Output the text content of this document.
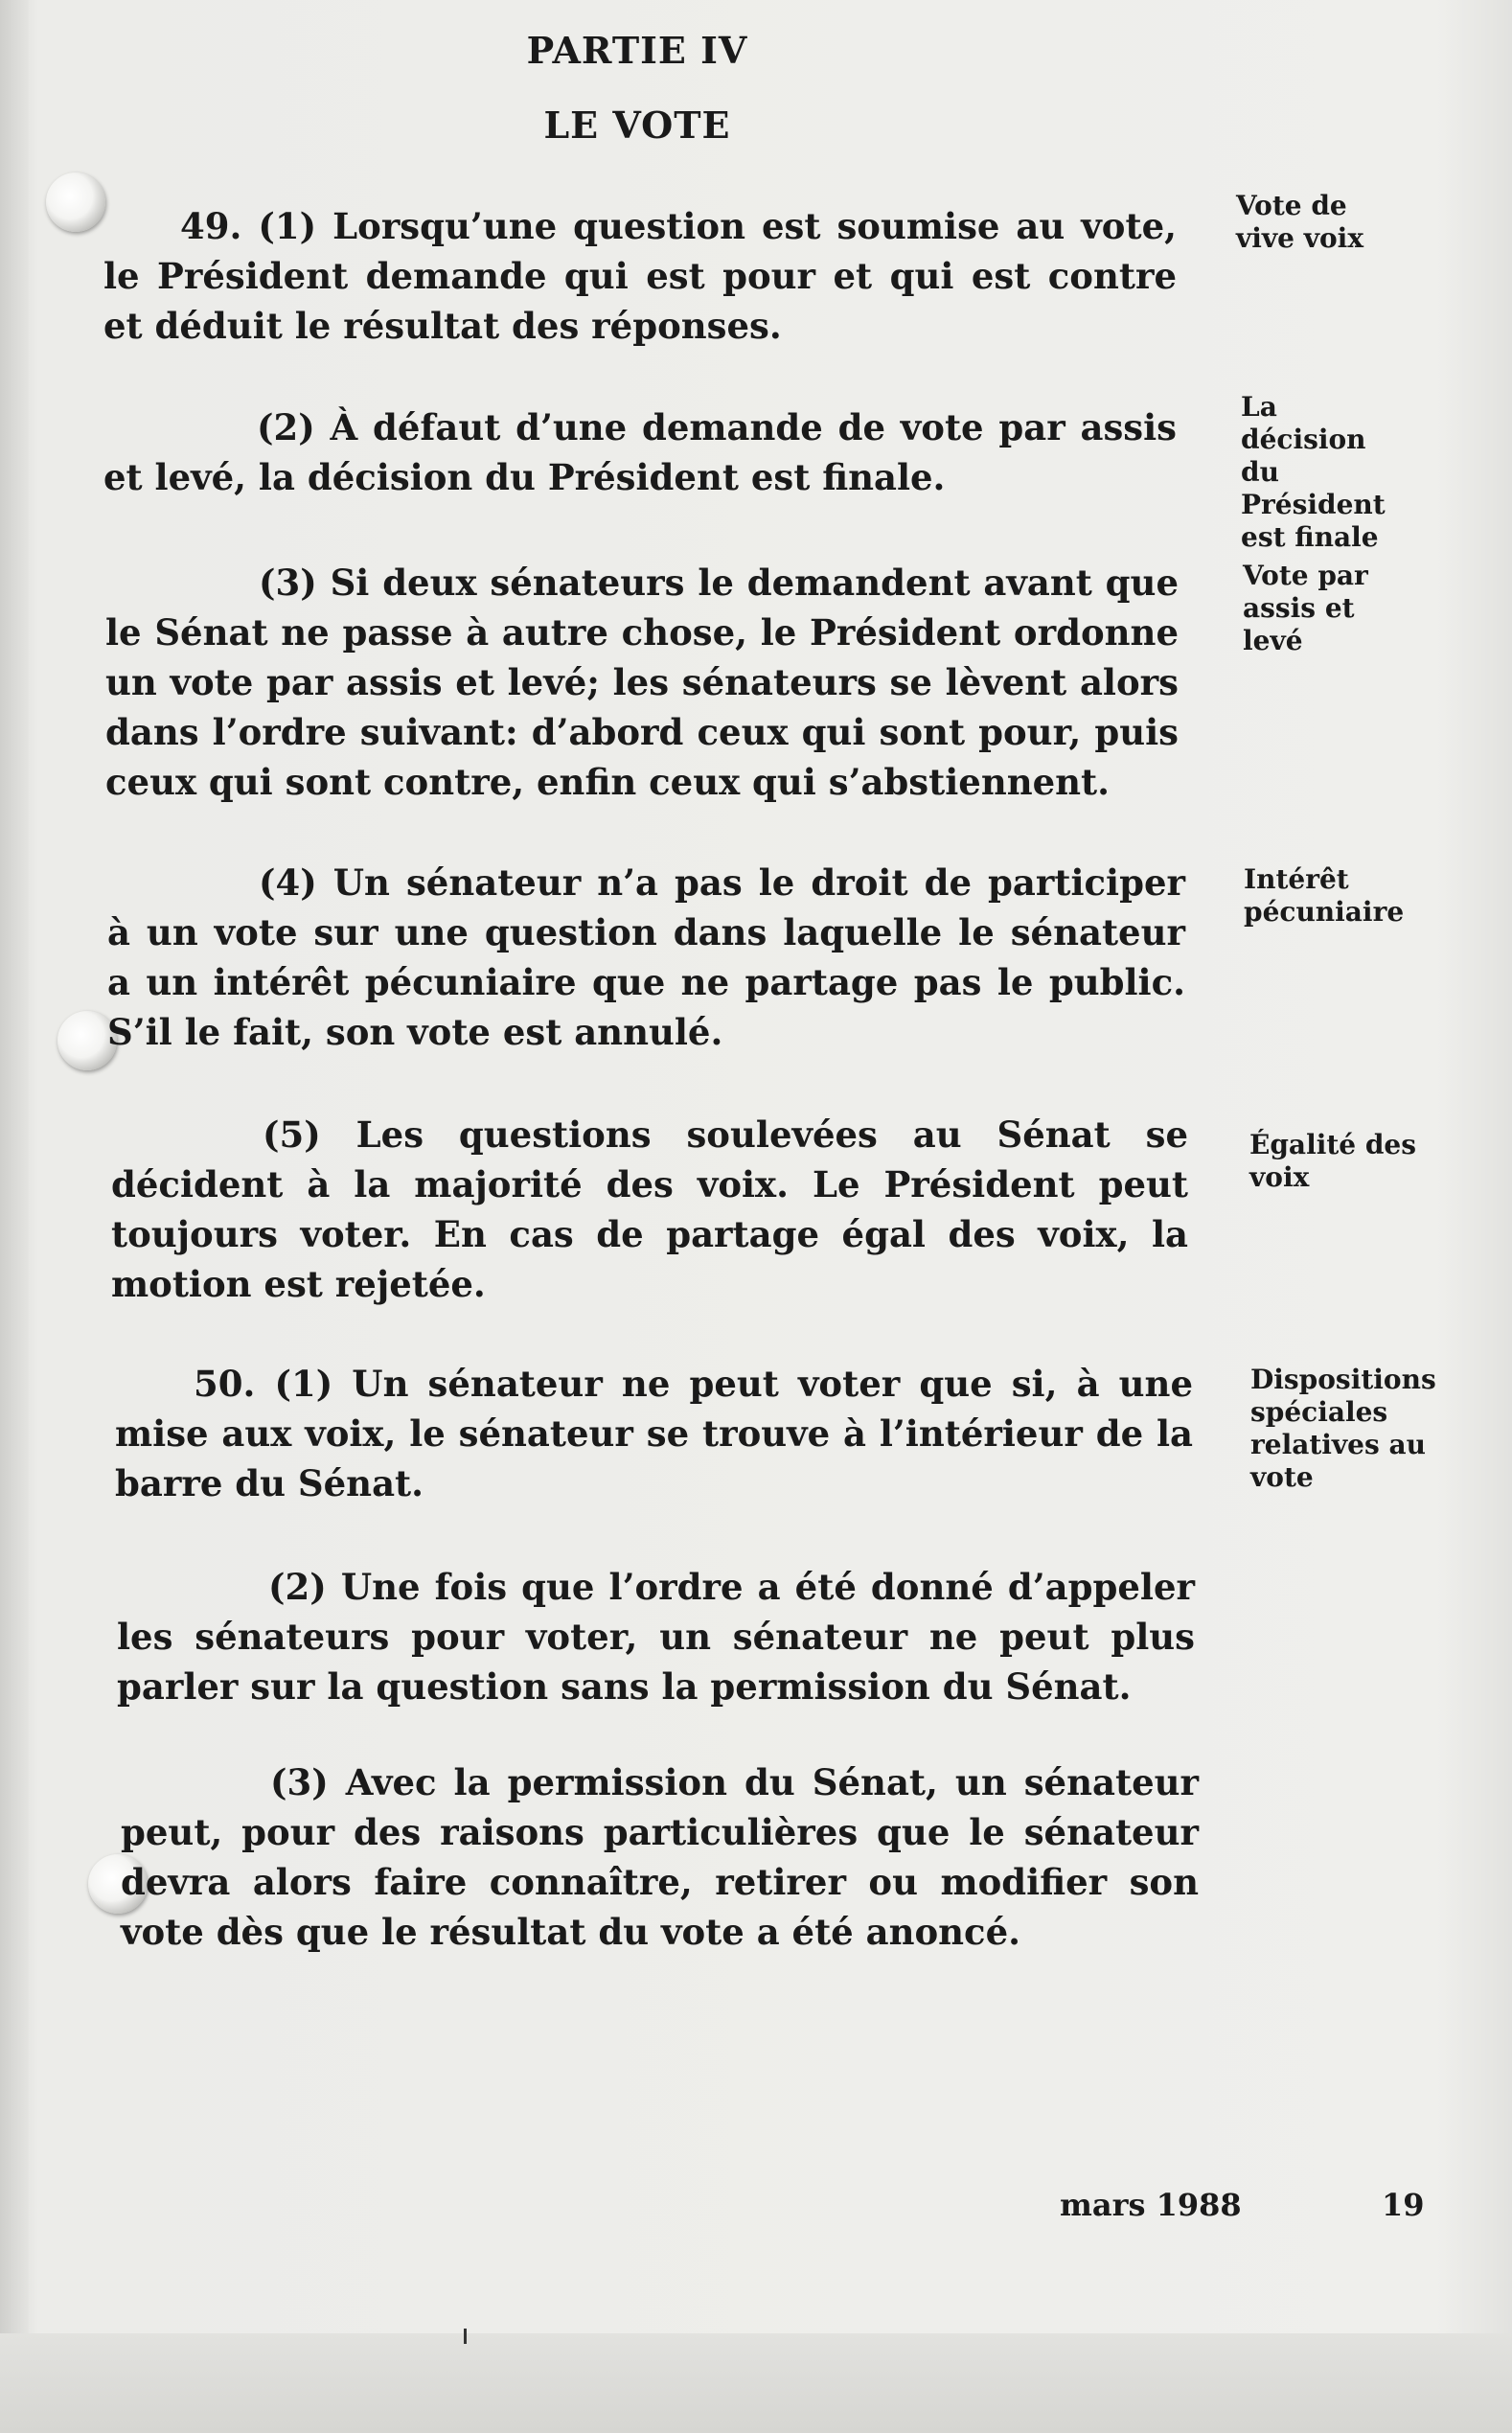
PARTIE IV
LE VOTE

49. (1) Lorsqu’une question est soumise au vote, le Président demande qui est pour et qui est contre et déduit le résultat des réponses.

Vote de vive voix

(2) À défaut d’une demande de vote par assis et levé, la décision du Président est finale.

La décision du Président est finale

(3) Si deux sénateurs le demandent avant que le Sénat ne passe à autre chose, le Président ordonne un vote par assis et levé; les sénateurs se lèvent alors dans l’ordre suivant: d’abord ceux qui sont pour, puis ceux qui sont contre, enfin ceux qui s’abstiennent.

Vote par assis et levé

(4) Un sénateur n’a pas le droit de participer à un vote sur une question dans laquelle le sénateur a un intérêt pécuniaire que ne partage pas le public. S’il le fait, son vote est annulé.

Intérêt pécuniaire

(5) Les questions soulevées au Sénat se décident à la majorité des voix. Le Président peut toujours voter. En cas de partage égal des voix, la motion est rejetée.

Égalité des voix

50. (1) Un sénateur ne peut voter que si, à une mise aux voix, le sénateur se trouve à l’intérieur de la barre du Sénat.

Dispositions spéciales relatives au vote

(2) Une fois que l’ordre a été donné d’appeler les sénateurs pour voter, un sénateur ne peut plus parler sur la question sans la permission du Sénat.

(3) Avec la permission du Sénat, un sénateur peut, pour des raisons particulières que le sénateur devra alors faire connaître, retirer ou modifier son vote dès que le résultat du vote a été anoncé.

mars 1988	19
